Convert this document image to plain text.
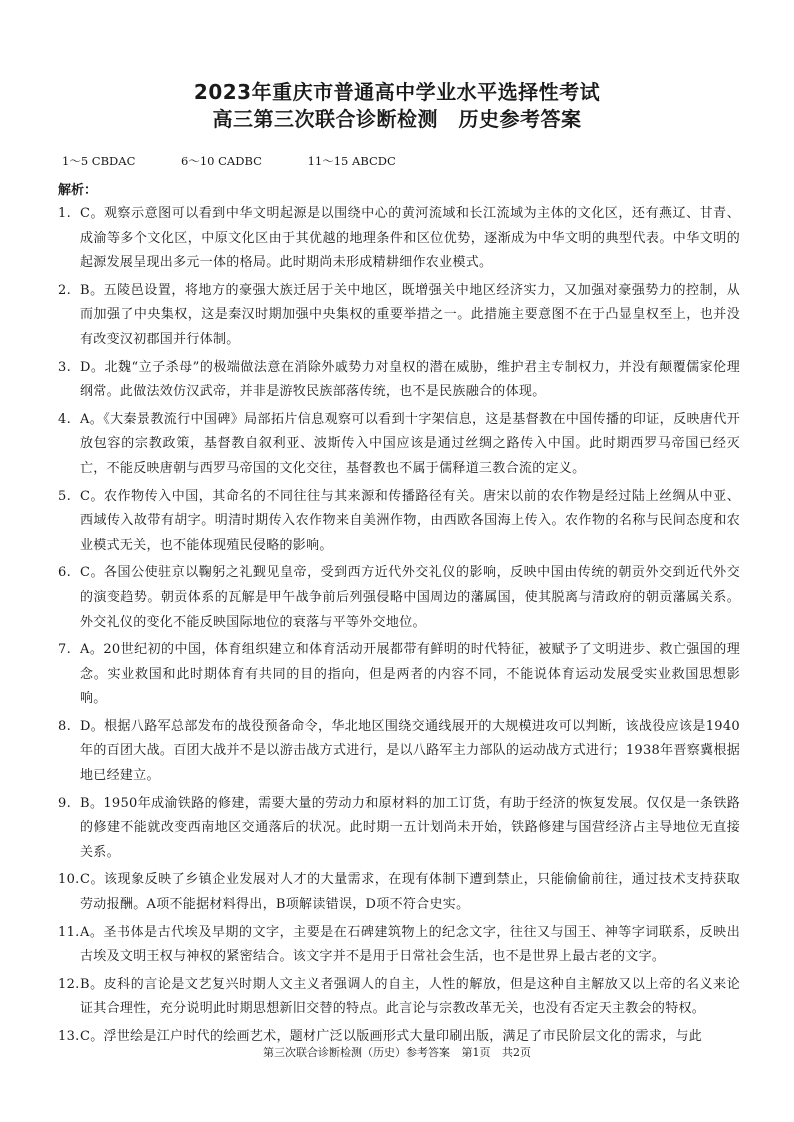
2023年重庆市普通高中学业水平选择性考试
高三第三次联合诊断检测　历史参考答案
1～5 CBDAC	6～10 CADBC	11～15 ABCDC
解析：
1. C。观察示意图可以看到中华文明起源是以围绕中心的黄河流域和长江流域为主体的文化区，还有燕辽、甘青、成渝等多个文化区，中原文化区由于其优越的地理条件和区位优势，逐渐成为中华文明的典型代表。中华文明的起源发展呈现出多元一体的格局。此时期尚未形成精耕细作农业模式。
2. B。五陵邑设置，将地方的豪强大族迁居于关中地区，既增强关中地区经济实力，又加强对豪强势力的控制，从而加强了中央集权，这是秦汉时期加强中央集权的重要举措之一。此措施主要意图不在于凸显皇权至上，也并没有改变汉初郡国并行体制。
3. D。北魏“立子杀母”的极端做法意在消除外戚势力对皇权的潜在威胁，维护君主专制权力，并没有颠覆儒家伦理纲常。此做法效仿汉武帝，并非是游牧民族部落传统，也不是民族融合的体现。
4. A。《大秦景教流行中国碑》局部拓片信息观察可以看到十字架信息，这是基督教在中国传播的印证，反映唐代开放包容的宗教政策，基督教自叙利亚、波斯传入中国应该是通过丝绸之路传入中国。此时期西罗马帝国已经灭亡，不能反映唐朝与西罗马帝国的文化交往，基督教也不属于儒释道三教合流的定义。
5. C。农作物传入中国，其命名的不同往往与其来源和传播路径有关。唐宋以前的农作物是经过陆上丝绸从中亚、西域传入故带有胡字。明清时期传入农作物来自美洲作物，由西欧各国海上传入。农作物的名称与民间态度和农业模式无关，也不能体现殖民侵略的影响。
6. C。各国公使驻京以鞠躬之礼觐见皇帝，受到西方近代外交礼仪的影响，反映中国由传统的朝贡外交到近代外交的演变趋势。朝贡体系的瓦解是甲午战争前后列强侵略中国周边的藩属国，使其脱离与清政府的朝贡藩属关系。外交礼仪的变化不能反映国际地位的衰落与平等外交地位。
7. A。20世纪初的中国，体育组织建立和体育活动开展都带有鲜明的时代特征，被赋予了文明进步、救亡强国的理念。实业救国和此时期体育有共同的目的指向，但是两者的内容不同，不能说体育运动发展受实业救国思想影响。
8. D。根据八路军总部发布的战役预备命令，华北地区围绕交通线展开的大规模进攻可以判断，该战役应该是1940年的百团大战。百团大战并不是以游击战方式进行，是以八路军主力部队的运动战方式进行；1938年晋察冀根据地已经建立。
9. B。1950年成渝铁路的修建，需要大量的劳动力和原材料的加工订货，有助于经济的恢复发展。仅仅是一条铁路的修建不能就改变西南地区交通落后的状况。此时期一五计划尚未开始，铁路修建与国营经济占主导地位无直接关系。
10. C。该现象反映了乡镇企业发展对人才的大量需求，在现有体制下遭到禁止，只能偷偷前往，通过技术支持获取劳动报酬。A项不能据材料得出，B项解读错误，D项不符合史实。
11. A。圣书体是古代埃及早期的文字，主要是在石碑建筑物上的纪念文字，往往又与国王、神等字词联系，反映出古埃及文明王权与神权的紧密结合。该文字并不是用于日常社会生活，也不是世界上最古老的文字。
12. B。皮科的言论是文艺复兴时期人文主义者强调人的自主，人性的解放，但是这种自主解放又以上帝的名义来论证其合理性，充分说明此时期思想新旧交替的特点。此言论与宗教改革无关，也没有否定天主教会的特权。
13. C。浮世绘是江户时代的绘画艺术，题材广泛以版画形式大量印刷出版，满足了市民阶层文化的需求，与此
第三次联合诊断检测（历史）参考答案 第1页 共2页
